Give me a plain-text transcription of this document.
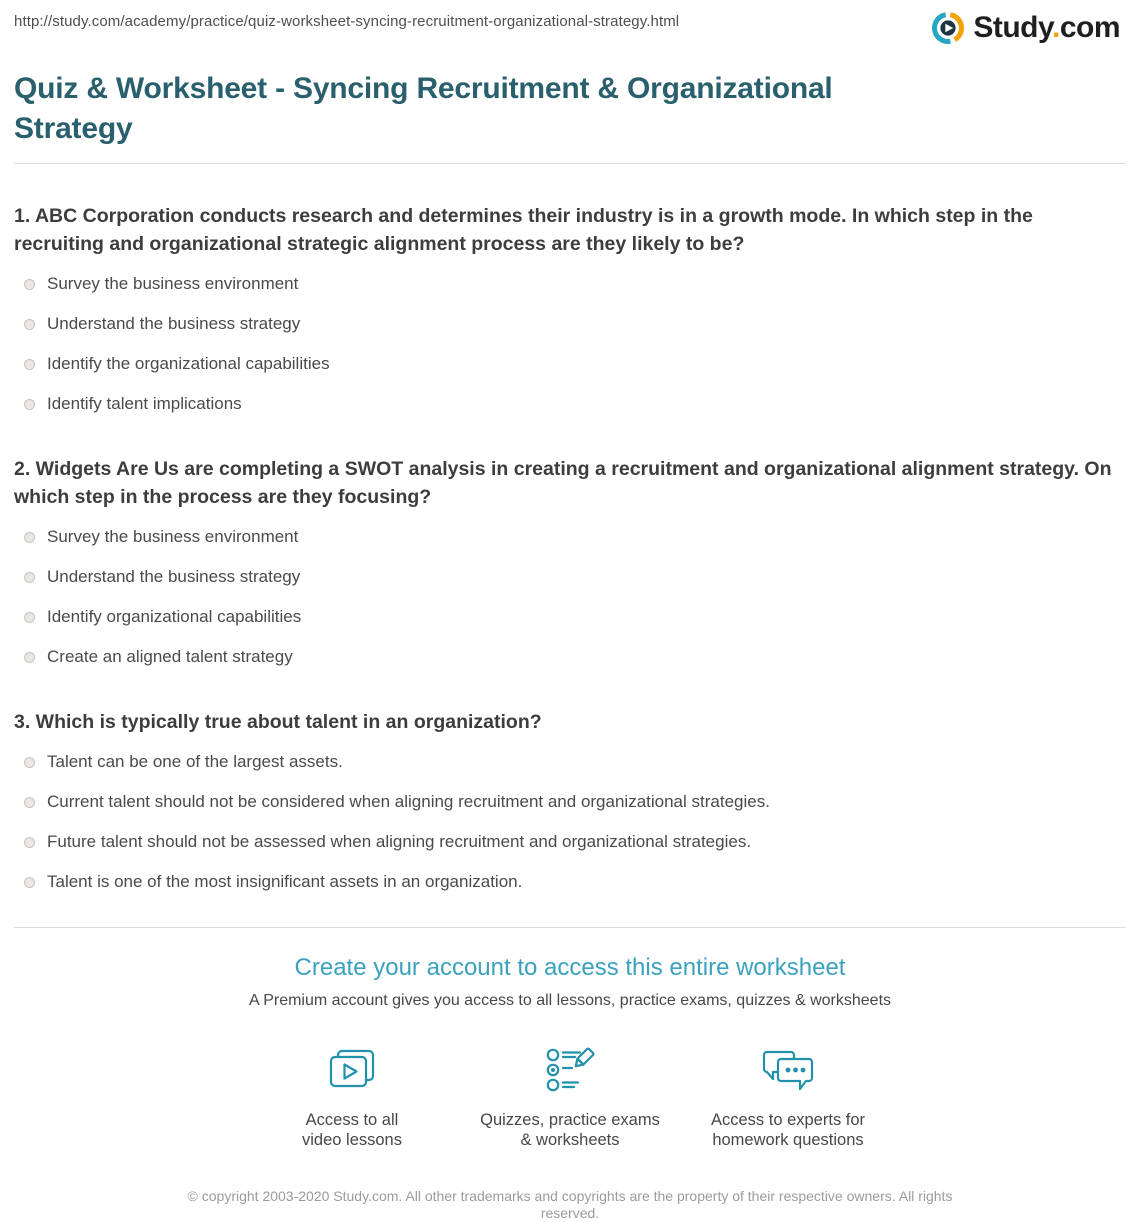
http://study.com/academy/practice/quiz-worksheet-syncing-recruitment-organizational-strategy.html	Study.com
Quiz & Worksheet - Syncing Recruitment & Organizational Strategy
1. ABC Corporation conducts research and determines their industry is in a growth mode. In which step in the recruiting and organizational strategic alignment process are they likely to be?
Survey the business environment
Understand the business strategy
Identify the organizational capabilities
Identify talent implications
2. Widgets Are Us are completing a SWOT analysis in creating a recruitment and organizational alignment strategy. On which step in the process are they focusing?
Survey the business environment
Understand the business strategy
Identify organizational capabilities
Create an aligned talent strategy
3. Which is typically true about talent in an organization?
Talent can be one of the largest assets.
Current talent should not be considered when aligning recruitment and organizational strategies.
Future talent should not be assessed when aligning recruitment and organizational strategies.
Talent is one of the most insignificant assets in an organization.
Create your account to access this entire worksheet
A Premium account gives you access to all lessons, practice exams, quizzes & worksheets
Access to all
video lessons
Quizzes, practice exams
& worksheets
Access to experts for
homework questions
© copyright 2003-2020 Study.com. All other trademarks and copyrights are the property of their respective owners. All rights reserved.
